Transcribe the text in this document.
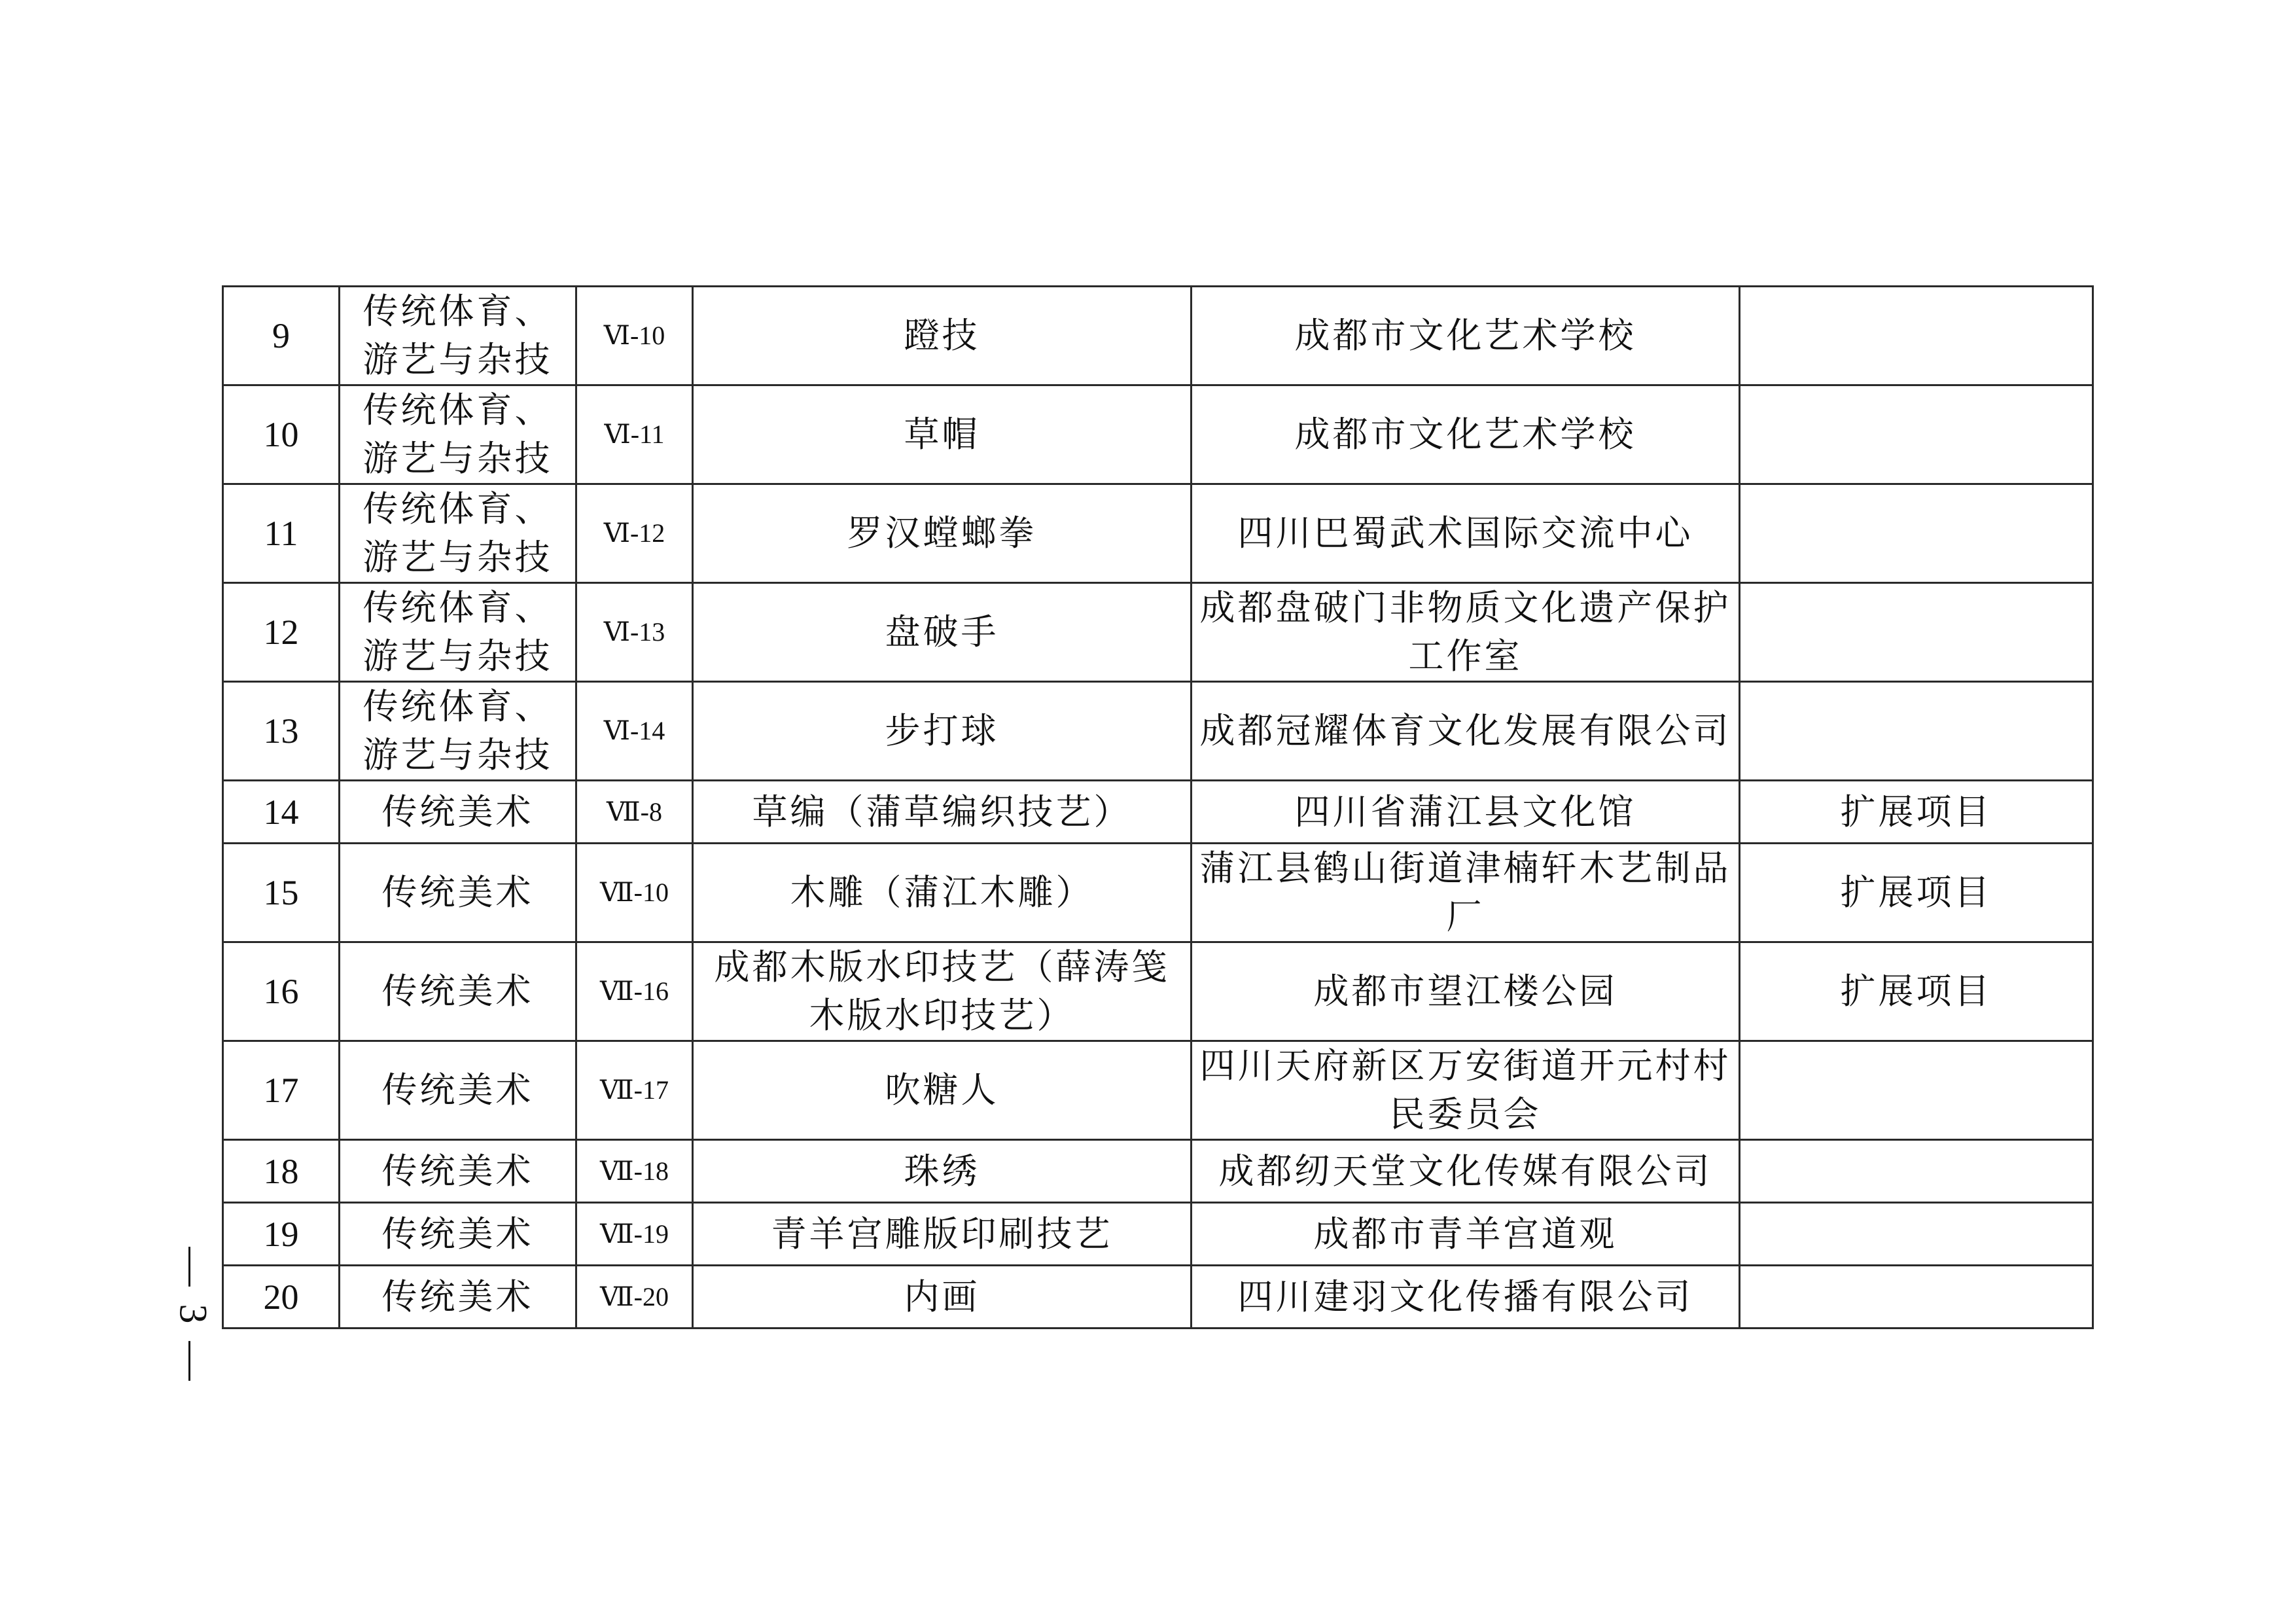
9	传统体育、游艺与杂技	Ⅵ-10	蹬技	成都市文化艺术学校	
10	传统体育、游艺与杂技	Ⅵ-11	草帽	成都市文化艺术学校	
11	传统体育、游艺与杂技	Ⅵ-12	罗汉螳螂拳	四川巴蜀武术国际交流中心	
12	传统体育、游艺与杂技	Ⅵ-13	盘破手	成都盘破门非物质文化遗产保护工作室	
13	传统体育、游艺与杂技	Ⅵ-14	步打球	成都冠耀体育文化发展有限公司	
14	传统美术	Ⅶ-8	草编（蒲草编织技艺）	四川省蒲江县文化馆	扩展项目
15	传统美术	Ⅶ-10	木雕（蒲江木雕）	蒲江县鹤山街道津楠轩木艺制品厂	扩展项目
16	传统美术	Ⅶ-16	成都木版水印技艺（薛涛笺木版水印技艺）	成都市望江楼公园	扩展项目
17	传统美术	Ⅶ-17	吹糖人	四川天府新区万安街道开元村村民委员会	
18	传统美术	Ⅶ-18	珠绣	成都纫天堂文化传媒有限公司	
19	传统美术	Ⅶ-19	青羊宫雕版印刷技艺	成都市青羊宫道观	
20	传统美术	Ⅶ-20	内画	四川建羽文化传播有限公司	
— 3 —
